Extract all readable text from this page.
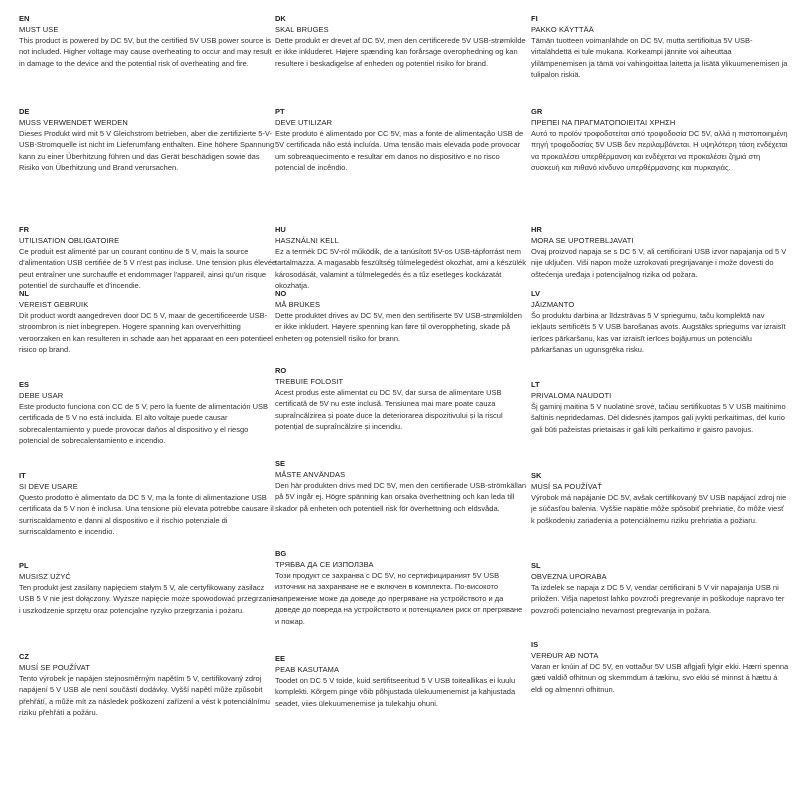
EN

MUST USE

This product is powered by DC 5V, but the certified 5V USB power source is not included. Higher voltage may cause overheating to occur and may result in damage to the device and the potential risk of overheating and fire.

DE

MUSS VERWENDET WERDEN

Dieses Produkt wird mit 5 V Gleichstrom betrieben, aber die zertifizierte 5-V-USB-Stromquelle ist nicht im Lieferumfang enthalten. Eine höhere Spannung kann zu einer Überhitzung führen und das Gerät beschädigen sowie das Risiko von Überhitzung und Brand verursachen.

FR

UTILISATION OBLIGATOIRE

Ce produit est alimenté par un courant continu de 5 V, mais la source d'alimentation USB certifiée de 5 V n'est pas incluse. Une tension plus élevée peut entraîner une surchauffe et endommager l'appareil, ainsi qu'un risque potentiel de surchauffe et d'incendie.

NL

VEREIST GEBRUIK

Dit product wordt aangedreven door DC 5 V, maar de gecertificeerde USB-stroombron is niet inbegrepen. Hogere spanning kan oververhitting veroorzaken en kan resulteren in schade aan het apparaat en een potentieel risico op brand.

ES

DEBE USAR

Este producto funciona con CC de 5 V, pero la fuente de alimentación USB certificada de 5 V no está incluida. El alto voltaje puede causar sobrecalentamiento y puede provocar daños al dispositivo y el riesgo potencial de sobrecalentamiento e incendio.

IT

SI DEVE USARE

Questo prodotto è alimentato da DC 5 V, ma la fonte di alimentazione USB certificata da 5 V non è inclusa. Una tensione più elevata potrebbe causare il surriscaldamento e danni al dispositivo e il rischio potenziale di surriscaldamento e incendio.

PL

MUSISZ UŻYĆ

Ten produkt jest zasilany napięciem stałym 5 V, ale certyfikowany zasilacz USB 5 V nie jest dołączony. Wyższe napięcie może spowodować przegrzanie i uszkodzenie sprzętu oraz potencjalne ryzyko przegrzania i pożaru.

CZ

MUSÍ SE POUŽÍVAT

Tento výrobek je napájen stejnosměrným napětím 5 V, certifikovaný zdroj napájení 5 V USB ale není součástí dodávky. Vyšší napětí může způsobit přehřátí, a může mít za následek poškození zařízení a vést k potenciálnímu riziku přehřátí a požáru.

DK

SKAL BRUGES

Dette produkt er drevet af DC 5V, men den certificerede 5V USB-strømkilde er ikke inkluderet. Højere spænding kan forårsage overophedning og kan resultere i beskadigelse af enheden og potentiel risiko for brand.

PT

DEVE UTILIZAR

Este produto é alimentado por CC 5V, mas a fonte de alimentação USB de 5V certificada não está incluída. Uma tensão mais elevada pode provocar um sobreaquecimento e resultar em danos no dispositivo e no risco potencial de incêndio.

HU

HASZNÁLNI KELL

Ez a termék DC 5V-ról működik, de a tanúsított 5V-os USB-tápforrást nem tartalmazza. A magasabb feszültség túlmelegedést okozhat, ami a készülék károsodását, valamint a túlmelegedés és a tűz esetleges kockázatát okozhatja.

NO

MÅ BRUKES

Dette produktet drives av DC 5V, men den sertifiserte 5V USB-strømkilden er ikke inkludert. Høyere spenning kan føre til overoppheting, skade på enheten og potensiell risiko for brann.

RO

TREBUIE FOLOSIT

Acest produs este alimentat cu DC 5V, dar sursa de alimentare USB certificată de 5V nu este inclusă. Tensiunea mai mare poate cauza supraîncălzirea și poate duce la deteriorarea dispozitivului și la riscul potențial de supraîncălzire și incendiu.

SE

MÅSTE ANVÄNDAS

Den här produkten drivs med DC 5V, men den certifierade USB-strömkällan på 5V ingår ej. Högre spänning kan orsaka överhettning och kan leda till skador på enheten och potentiell risk för överhettning och eldsvåda.

BG

ТРЯБВА ДА СЕ ИЗПОЛЗВА

Този продукт се захранва с DC 5V, но сертифицираният 5V USB източник на захранване не е включен в комплекта. По-високото напрежение може да доведе до прегряване на устройството и да доведе до повреда на устройството и потенциален риск от прегряване и пожар.

EE

PEAB KASUTAMA

Toodet on DC 5 V toide, kuid sertifitseeritud 5 V USB toiteallikas ei kuulu komplekti. Kõrgem pinge võib põhjustada ülekuumenemist ja kahjustada seadet, viies ülekuumenemise ja tulekahju ohuni.

FI

PAKKO KÄYTTÄÄ

Tämän tuotteen voimanlähde on DC 5V, mutta sertifioitua 5V USB-virtalähdettä ei tule mukana. Korkeampi jännite voi aiheuttaa ylilämpenemisen ja tämä voi vahingoittaa laitetta ja lisätä ylikuumenemisen ja tulipalon riskiä.

GR

ΠΡΕΠΕΙ ΝΑ ΠΡΑΓΜΑΤΟΠΟΙΕΙΤΑΙ ΧΡΗΣΗ

Αυτό το προϊόν τροφοδοτείται από τροφοδοσία DC 5V, αλλά η πιστοποιημένη πηγή τροφοδοσίας 5V USB δεν περιλαμβάνεται. Η υψηλότερη τάση ενδέχεται να προκαλέσει υπερθέρμανση και ενδέχεται να προκαλέσει ζημιά στη συσκευή και πιθανό κίνδυνο υπερθέρμανσης και πυρκαγιάς.

HR

MORA SE UPOTREBLJAVATI

Ovaj proizvod napaja se s DC 5 V, ali certificirani USB izvor napajanja od 5 V nije uključen. Viši napon može uzrokovati pregrijavanje i može dovesti do oštećenja uređaja i potencijalnog rizika od požara.

LV

JĀIZMANTO

Šo produktu darbina ar līdzstrāvas 5 V spriegumu, taču komplektā nav iekļauts sertificēts 5 V USB barošanas avots. Augstāks spriegums var izraisīt ierīces pārkaršanu, kas var izraisīt ierīces bojājumus un potenciālu pārkaršanas un ugunsgrēka risku.

LT

PRIVALOMA NAUDOTI

Šį gaminį maitina 5 V nuolatinė srovė, tačiau sertifikuotas 5 V USB maitinimo šaltinis nepridedamas. Dėl didesnės įtampos gali įvykti perkaitimas, dėl kurio gali būti pažeistas prietaisas ir gali kilti perkaitimo ir gaisro pavojus.

SK

MUSÍ SA POUŽÍVAŤ

Výrobok má napájanie DC 5V, avšak certifikovaný 5V USB napájací zdroj nie je súčasťou balenia. Vyššie napätie môže spôsobiť prehriatie, čo môže viesť k poškodeniu zariadenia a potenciálnemu riziku prehriatia a požiaru.

SL

OBVEZNA UPORABA

Ta izdelek se napaja z DC 5 V, vendar certificirani 5 V vir napajanja USB ni priložen. Višja napetost lahko povzroči pregrevanje in poškoduje napravo ter povzroči potencialno nevarnost pregrevanja in požara.

IS

VERÐUR AÐ NOTA

Varan er knúin af DC 5V, en vottaður 5V USB aflgjafi fylgir ekki. Hærri spenna gæti valdið ofhitnun og skemmdum á tækinu, svo ekki sé minnst á hættu á eldi og almennri ofhitnun.
